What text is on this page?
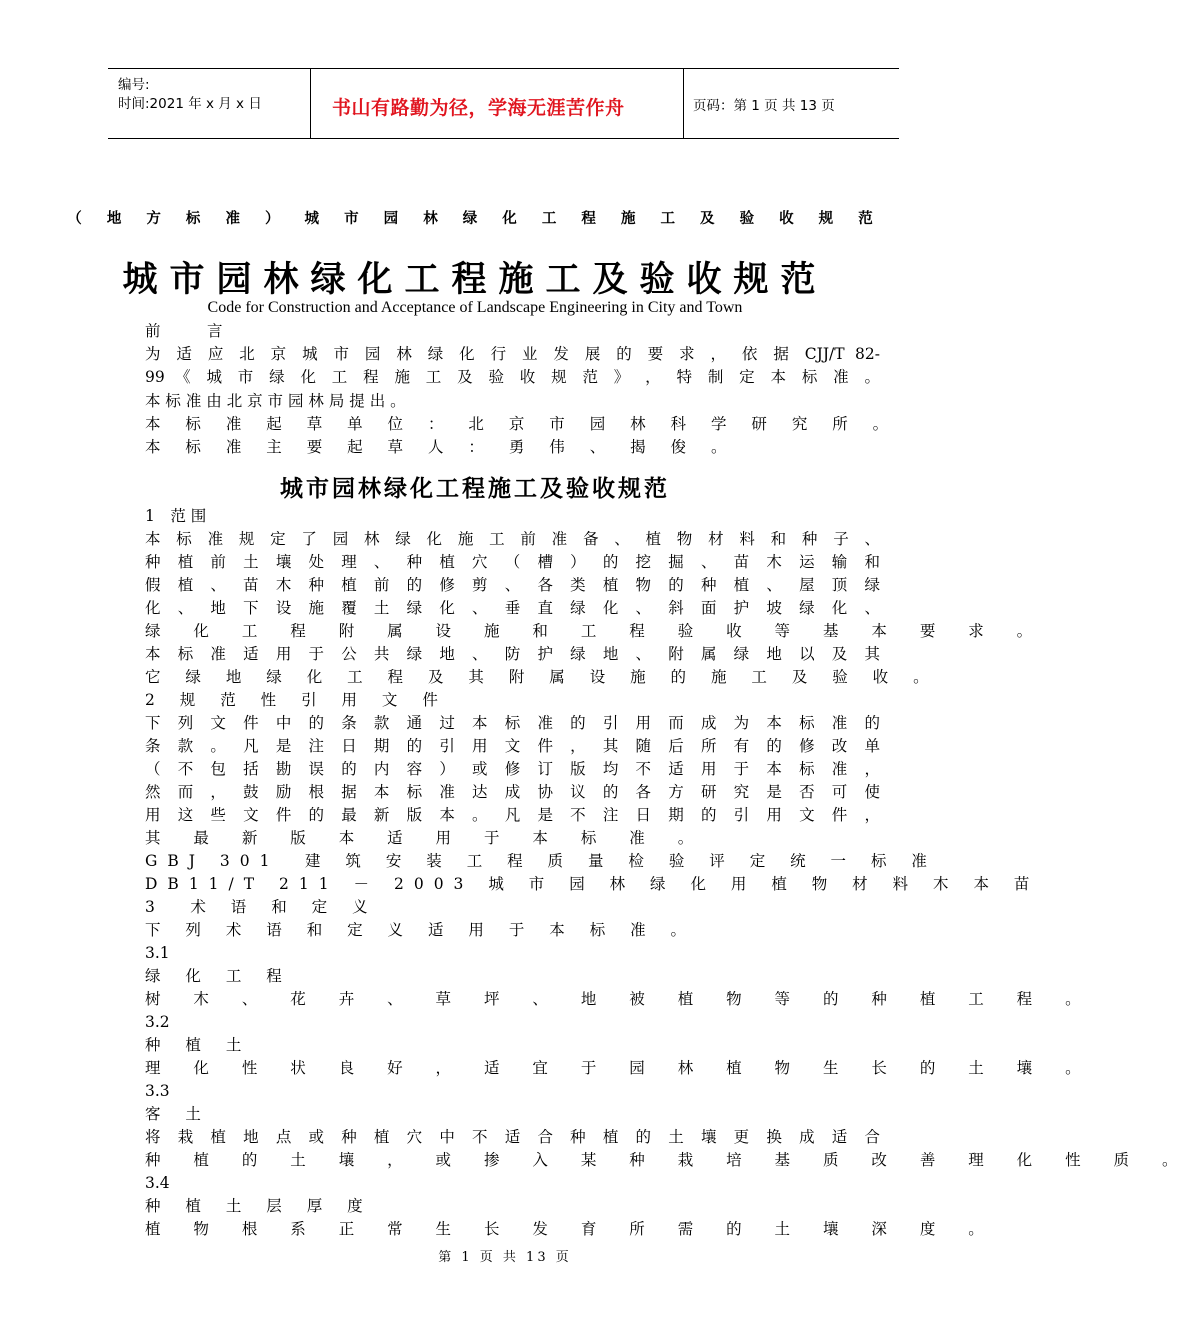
编号:
时间:2021 年 x 月 x 日	书山有路勤为径，学海无涯苦作舟	页码：第 1 页 共 13 页
（ 地 方 标 准 ） 城 市 园 林 绿 化 工 程 施 工 及 验 收 规 范
城市园林绿化工程施工及验收规范
Code for Construction and Acceptance of Landscape Engineering in City and Town
前　　　言
为 适 应 北 京 城 市 园 林 绿 化 行 业 发 展 的 要 求 ， 依 据 CJJ/T 82-
99 《 城 市 绿 化 工 程 施 工 及 验 收 规 范 》 ， 特 制 定 本 标 准 。
本 标 准 由 北 京 市 园 林 局 提 出 。
本 标 准 起 草 单 位 ： 北 京 市 园 林 科 学 研 究 所 。
本 标 准 主 要 起 草 人 ： 勇 伟 、 揭 俊 。
城市园林绿化工程施工及验收规范
1　范 围
本 标 准 规 定 了 园 林 绿 化 施 工 前 准 备 、 植 物 材 料 和 种 子 、
种 植 前 土 壤 处 理 、 种 植 穴 （ 槽 ） 的 挖 掘 、 苗 木 运 输 和
假 植 、 苗 木 种 植 前 的 修 剪 、 各 类 植 物 的 种 植 、 屋 顶 绿
化 、 地 下 设 施 覆 土 绿 化 、 垂 直 绿 化 、 斜 面 护 坡 绿 化 、
绿 化 工 程 附 属 设 施 和 工 程 验 收 等 基 本 要 求 。
本 标 准 适 用 于 公 共 绿 地 、 防 护 绿 地 、 附 属 绿 地 以 及 其
它 绿 地 绿 化 工 程 及 其 附 属 设 施 的 施 工 及 验 收 。
2 规 范 性 引 用 文 件
下 列 文 件 中 的 条 款 通 过 本 标 准 的 引 用 而 成 为 本 标 准 的
条 款 。 凡 是 注 日 期 的 引 用 文 件 ， 其 随 后 所 有 的 修 改 单
（ 不 包 括 勘 误 的 内 容 ） 或 修 订 版 均 不 适 用 于 本 标 准 ，
然 而 ， 鼓 励 根 据 本 标 准 达 成 协 议 的 各 方 研 究 是 否 可 使
用 这 些 文 件 的 最 新 版 本 。 凡 是 不 注 日 期 的 引 用 文 件 ，
其 最 新 版 本 适 用 于 本 标 准 。
GBJ 301　建 筑 安 装 工 程 质 量 检 验 评 定 统 一 标 准
DB11/T 211 － 2003 城 市 园 林 绿 化 用 植 物 材 料 木 本 苗
3　术 语 和 定 义
下 列 术 语 和 定 义 适 用 于 本 标 准 。
3.1
绿 化 工 程
树 木 、 花 卉 、 草 坪 、 地 被 植 物 等 的 种 植 工 程 。
3.2
种 植 土
理 化 性 状 良 好 ， 适 宜 于 园 林 植 物 生 长 的 土 壤 。
3.3
客 土
将 栽 植 地 点 或 种 植 穴 中 不 适 合 种 植 的 土 壤 更 换 成 适 合
种 植 的 土 壤 ， 或 掺 入 某 种 栽 培 基 质 改 善 理 化 性 质 。
3.4
种 植 土 层 厚 度
植 物 根 系 正 常 生 长 发 育 所 需 的 土 壤 深 度 。
第 1 页 共 13 页
